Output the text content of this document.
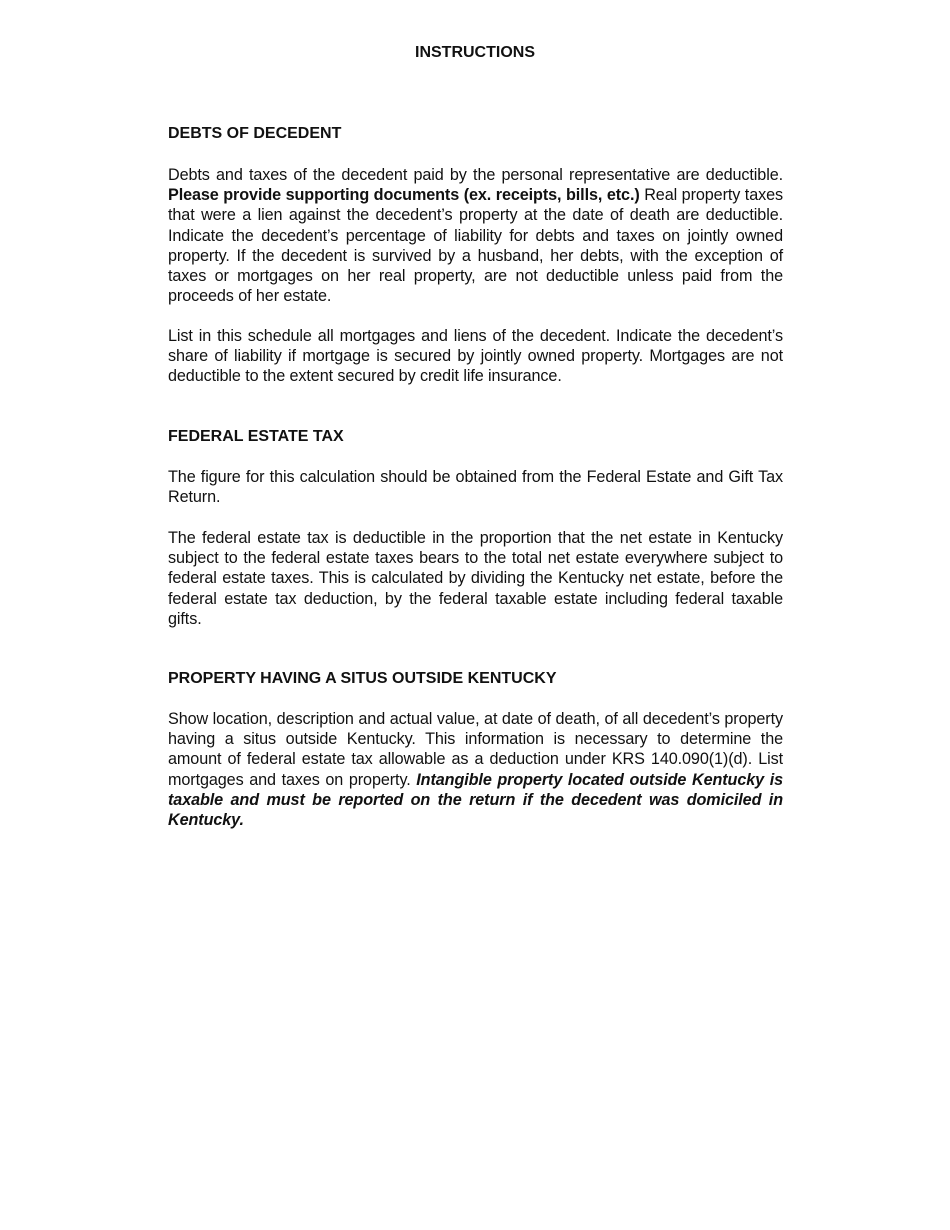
INSTRUCTIONS
DEBTS OF DECEDENT

Debts and taxes of the decedent paid by the personal representative are deductible. Please provide supporting documents (ex. receipts, bills, etc.) Real property taxes that were a lien against the decedent’s property at the date of death are deductible. Indicate the decedent’s percentage of liability for debts and taxes on jointly owned property. If the decedent is survived by a husband, her debts, with the exception of taxes or mortgages on her real property, are not deductible unless paid from the proceeds of her estate.

List in this schedule all mortgages and liens of the decedent. Indicate the decedent’s share of liability if mortgage is secured by jointly owned property. Mortgages are not deductible to the extent secured by credit life insurance.

FEDERAL ESTATE TAX

The figure for this calculation should be obtained from the Federal Estate and Gift Tax Return.

The federal estate tax is deductible in the proportion that the net estate in Kentucky subject to the federal estate taxes bears to the total net estate everywhere subject to federal estate taxes. This is calculated by dividing the Kentucky net estate, before the federal estate tax deduction, by the federal taxable estate including federal taxable gifts.

PROPERTY HAVING A SITUS OUTSIDE KENTUCKY

Show location, description and actual value, at date of death, of all decedent’s property having a situs outside Kentucky. This information is necessary to determine the amount of federal estate tax allowable as a deduction under KRS 140.090(1)(d). List mortgages and taxes on property. Intangible property located outside Kentucky is taxable and must be reported on the return if the decedent was domiciled in Kentucky.
